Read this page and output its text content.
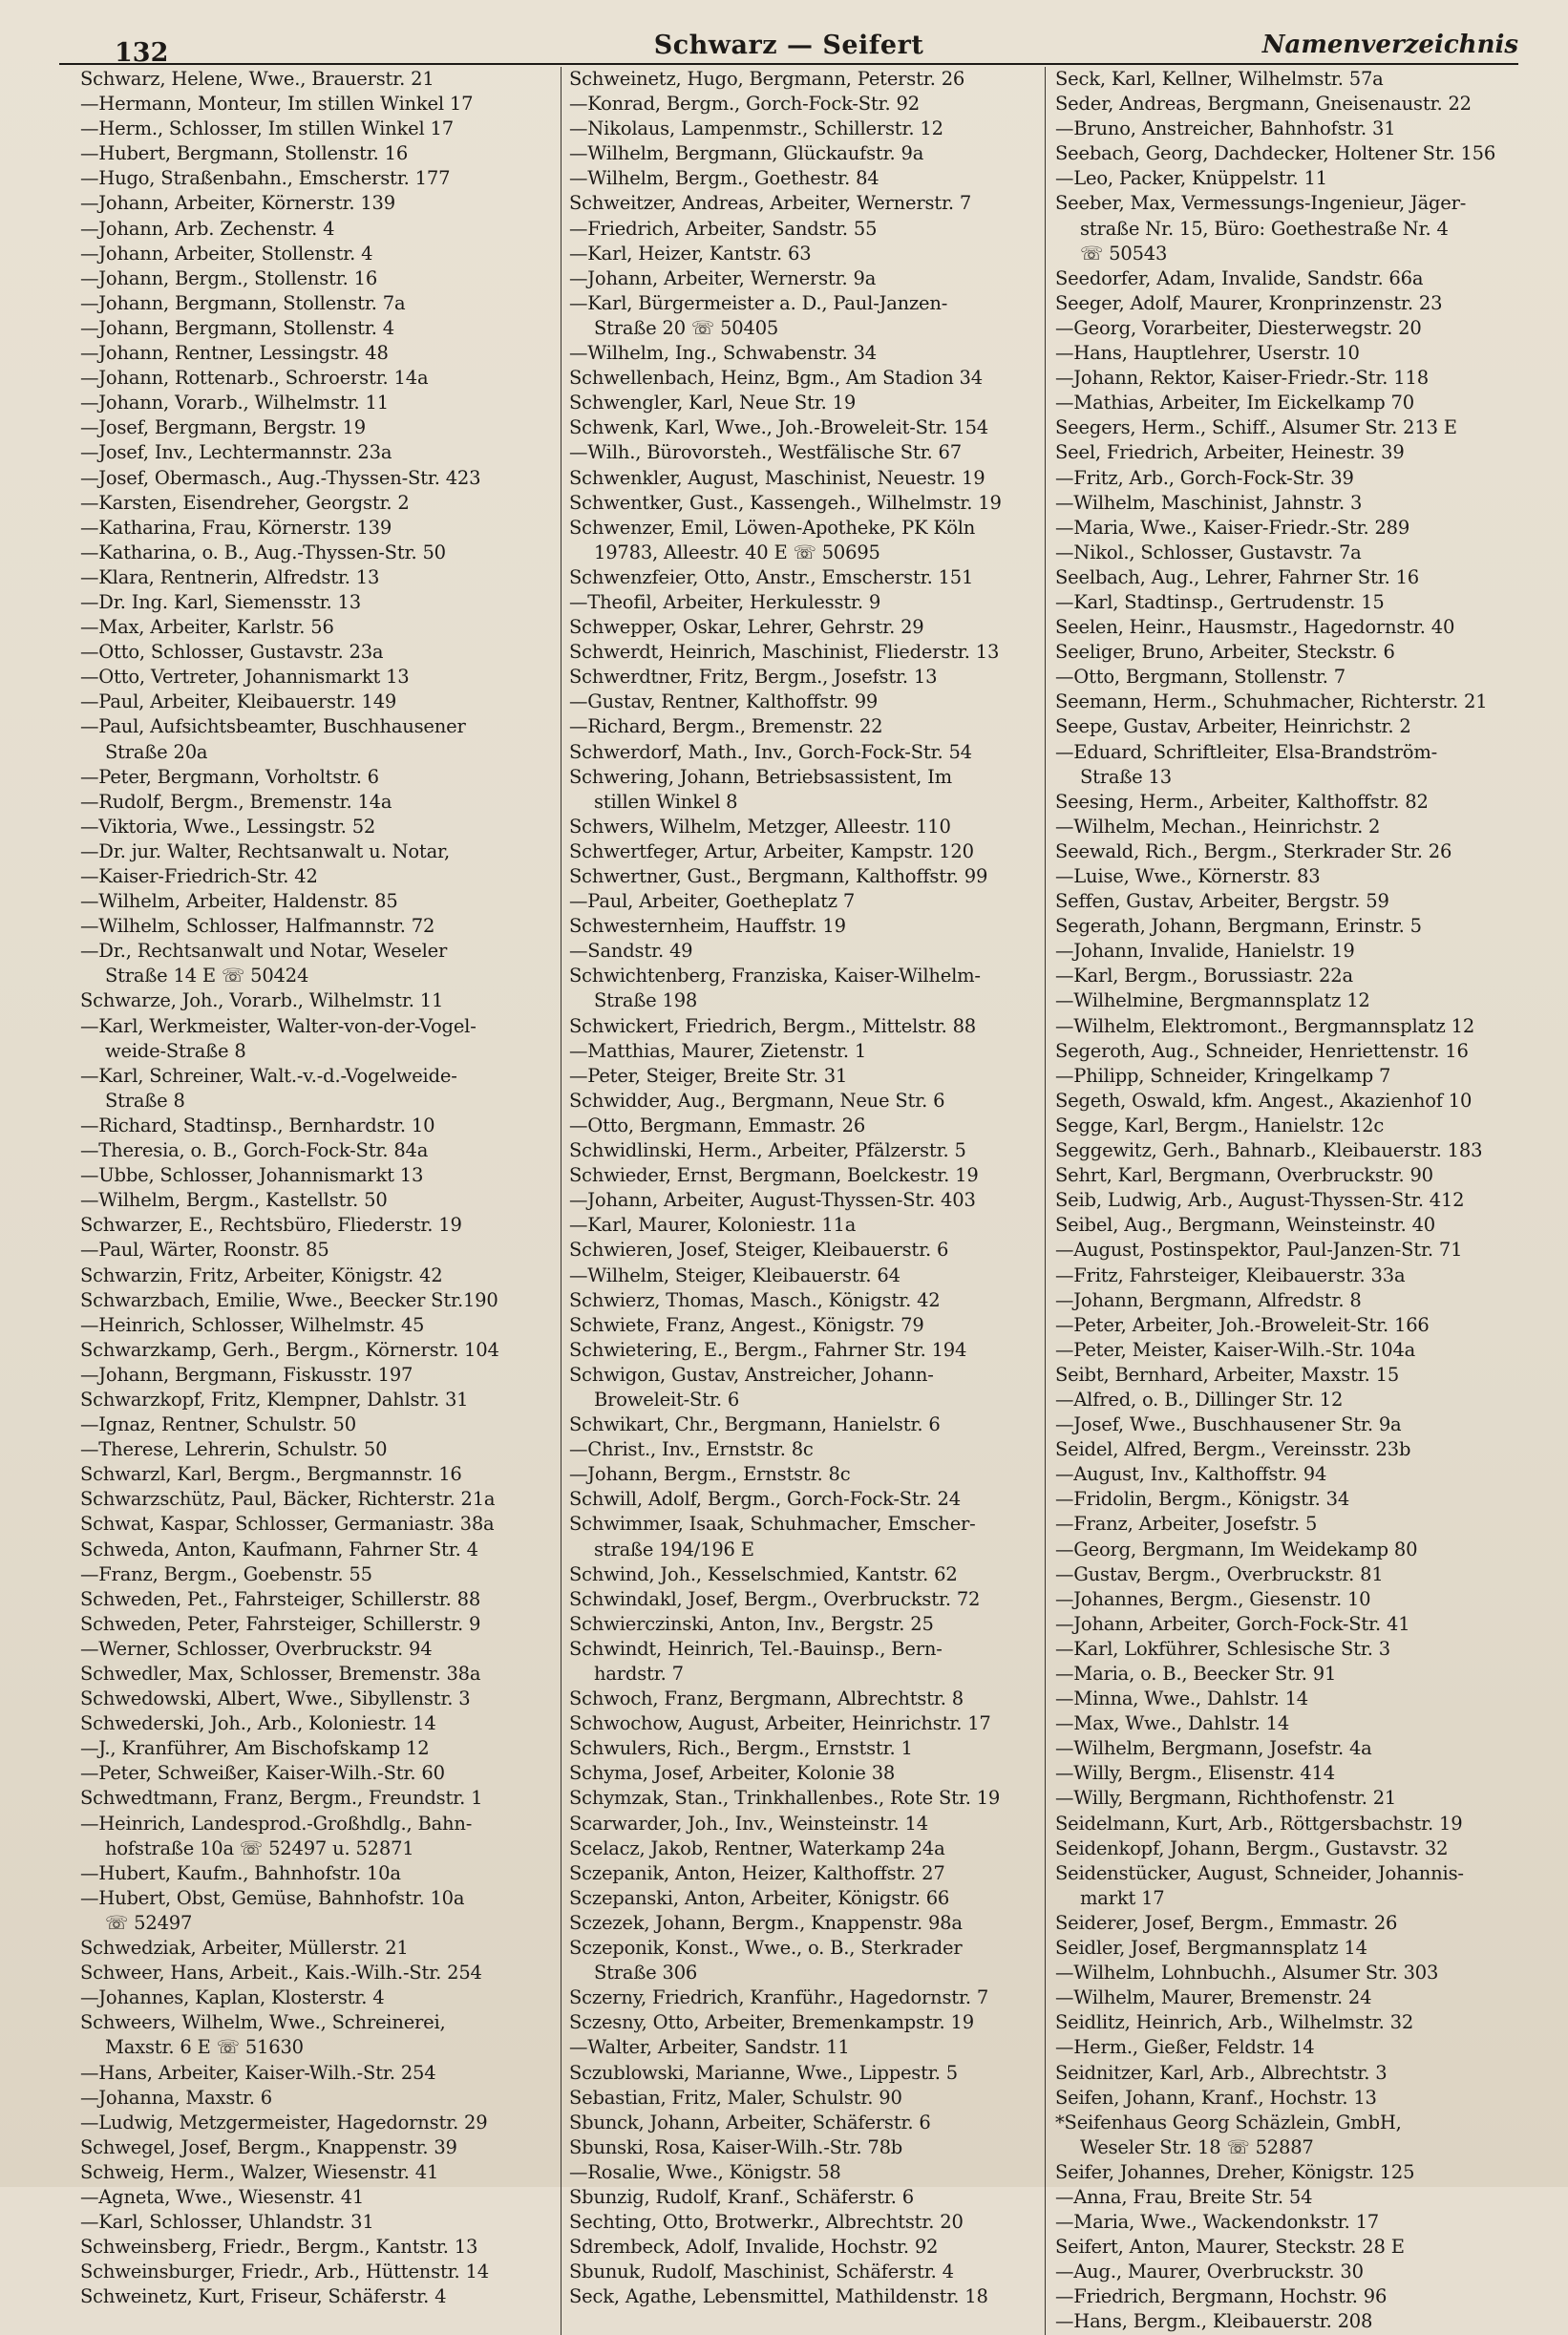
132	Schwarz — Seifert	Namenverzeichnis
Schwarz, Helene, Wwe., Brauerstr. 21
—Hermann, Monteur, Im stillen Winkel 17
—Herm., Schlosser, Im stillen Winkel 17
—Hubert, Bergmann, Stollenstr. 16
—Hugo, Straßenbahn., Emscherstr. 177
—Johann, Arbeiter, Körnerstr. 139
—Johann, Arb. Zechenstr. 4
—Johann, Arbeiter, Stollenstr. 4
—Johann, Bergm., Stollenstr. 16
—Johann, Bergmann, Stollenstr. 7a
—Johann, Bergmann, Stollenstr. 4
—Johann, Rentner, Lessingstr. 48
—Johann, Rottenarb., Schroerstr. 14a
—Johann, Vorarb., Wilhelmstr. 11
—Josef, Bergmann, Bergstr. 19
—Josef, Inv., Lechtermannstr. 23a
—Josef, Obermasch., Aug.-Thyssen-Str. 423
—Karsten, Eisendreher, Georgstr. 2
—Katharina, Frau, Körnerstr. 139
—Katharina, o. B., Aug.-Thyssen-Str. 50
—Klara, Rentnerin, Alfredstr. 13
—Dr. Ing. Karl, Siemensstr. 13
—Max, Arbeiter, Karlstr. 56
—Otto, Schlosser, Gustavstr. 23a
—Otto, Vertreter, Johannismarkt 13
—Paul, Arbeiter, Kleibauerstr. 149
—Paul, Aufsichtsbeamter, Buschhausener
Straße 20a
—Peter, Bergmann, Vorholtstr. 6
—Rudolf, Bergm., Bremenstr. 14a
—Viktoria, Wwe., Lessingstr. 52
—Dr. jur. Walter, Rechtsanwalt u. Notar,
—Kaiser-Friedrich-Str. 42
—Wilhelm, Arbeiter, Haldenstr. 85
—Wilhelm, Schlosser, Halfmannstr. 72
—Dr., Rechtsanwalt und Notar, Weseler
Straße 14 E ☏ 50424
Schwarze, Joh., Vorarb., Wilhelmstr. 11
—Karl, Werkmeister, Walter-von-der-Vogel-
weide-Straße 8
—Karl, Schreiner, Walt.-v.-d.-Vogelweide-
Straße 8
—Richard, Stadtinsp., Bernhardstr. 10
—Theresia, o. B., Gorch-Fock-Str. 84a
—Ubbe, Schlosser, Johannismarkt 13
—Wilhelm, Bergm., Kastellstr. 50
Schwarzer, E., Rechtsbüro, Fliederstr. 19
—Paul, Wärter, Roonstr. 85
Schwarzin, Fritz, Arbeiter, Königstr. 42
Schwarzbach, Emilie, Wwe., Beecker Str.190
—Heinrich, Schlosser, Wilhelmstr. 45
Schwarzkamp, Gerh., Bergm., Körnerstr. 104
—Johann, Bergmann, Fiskusstr. 197
Schwarzkopf, Fritz, Klempner, Dahlstr. 31
—Ignaz, Rentner, Schulstr. 50
—Therese, Lehrerin, Schulstr. 50
Schwarzl, Karl, Bergm., Bergmannstr. 16
Schwarzschütz, Paul, Bäcker, Richterstr. 21a
Schwat, Kaspar, Schlosser, Germaniastr. 38a
Schweda, Anton, Kaufmann, Fahrner Str. 4
—Franz, Bergm., Goebenstr. 55
Schweden, Pet., Fahrsteiger, Schillerstr. 88
Schweden, Peter, Fahrsteiger, Schillerstr. 9
—Werner, Schlosser, Overbruckstr. 94
Schwedler, Max, Schlosser, Bremenstr. 38a
Schwedowski, Albert, Wwe., Sibyllenstr. 3
Schwederski, Joh., Arb., Koloniestr. 14
—J., Kranführer, Am Bischofskamp 12
—Peter, Schweißer, Kaiser-Wilh.-Str. 60
Schwedtmann, Franz, Bergm., Freundstr. 1
—Heinrich, Landesprod.-Großhdlg., Bahn-
hofstraße 10a ☏ 52497 u. 52871
—Hubert, Kaufm., Bahnhofstr. 10a
—Hubert, Obst, Gemüse, Bahnhofstr. 10a
☏ 52497
Schwedziak, Arbeiter, Müllerstr. 21
Schweer, Hans, Arbeit., Kais.-Wilh.-Str. 254
—Johannes, Kaplan, Klosterstr. 4
Schweers, Wilhelm, Wwe., Schreinerei,
Maxstr. 6 E ☏ 51630
—Hans, Arbeiter, Kaiser-Wilh.-Str. 254
—Johanna, Maxstr. 6
—Ludwig, Metzgermeister, Hagedornstr. 29
Schwegel, Josef, Bergm., Knappenstr. 39
Schweig, Herm., Walzer, Wiesenstr. 41
—Agneta, Wwe., Wiesenstr. 41
—Karl, Schlosser, Uhlandstr. 31
Schweinsberg, Friedr., Bergm., Kantstr. 13
Schweinsburger, Friedr., Arb., Hüttenstr. 14
Schweinetz, Kurt, Friseur, Schäferstr. 4
Schweinetz, Hugo, Bergmann, Peterstr. 26
—Konrad, Bergm., Gorch-Fock-Str. 92
—Nikolaus, Lampenmstr., Schillerstr. 12
—Wilhelm, Bergmann, Glückaufstr. 9a
—Wilhelm, Bergm., Goethestr. 84
Schweitzer, Andreas, Arbeiter, Wernerstr. 7
—Friedrich, Arbeiter, Sandstr. 55
—Karl, Heizer, Kantstr. 63
—Johann, Arbeiter, Wernerstr. 9a
—Karl, Bürgermeister a. D., Paul-Janzen-
Straße 20 ☏ 50405
—Wilhelm, Ing., Schwabenstr. 34
Schwellenbach, Heinz, Bgm., Am Stadion 34
Schwengler, Karl, Neue Str. 19
Schwenk, Karl, Wwe., Joh.-Broweleit-Str. 154
—Wilh., Bürovorsteh., Westfälische Str. 67
Schwenkler, August, Maschinist, Neuestr. 19
Schwentker, Gust., Kassengeh., Wilhelmstr. 19
Schwenzer, Emil, Löwen-Apotheke, PK Köln
19783, Alleestr. 40 E ☏ 50695
Schwenzfeier, Otto, Anstr., Emscherstr. 151
—Theofil, Arbeiter, Herkulesstr. 9
Schwepper, Oskar, Lehrer, Gehrstr. 29
Schwerdt, Heinrich, Maschinist, Fliederstr. 13
Schwerdtner, Fritz, Bergm., Josefstr. 13
—Gustav, Rentner, Kalthoffstr. 99
—Richard, Bergm., Bremenstr. 22
Schwerdorf, Math., Inv., Gorch-Fock-Str. 54
Schwering, Johann, Betriebsassistent, Im
stillen Winkel 8
Schwers, Wilhelm, Metzger, Alleestr. 110
Schwertfeger, Artur, Arbeiter, Kampstr. 120
Schwertner, Gust., Bergmann, Kalthoffstr. 99
—Paul, Arbeiter, Goetheplatz 7
Schwesternheim, Hauffstr. 19
—Sandstr. 49
Schwichtenberg, Franziska, Kaiser-Wilhelm-
Straße 198
Schwickert, Friedrich, Bergm., Mittelstr. 88
—Matthias, Maurer, Zietenstr. 1
—Peter, Steiger, Breite Str. 31
Schwidder, Aug., Bergmann, Neue Str. 6
—Otto, Bergmann, Emmastr. 26
Schwidlinski, Herm., Arbeiter, Pfälzerstr. 5
Schwieder, Ernst, Bergmann, Boelckestr. 19
—Johann, Arbeiter, August-Thyssen-Str. 403
—Karl, Maurer, Koloniestr. 11a
Schwieren, Josef, Steiger, Kleibauerstr. 6
—Wilhelm, Steiger, Kleibauerstr. 64
Schwierz, Thomas, Masch., Königstr. 42
Schwiete, Franz, Angest., Königstr. 79
Schwietering, E., Bergm., Fahrner Str. 194
Schwigon, Gustav, Anstreicher, Johann-
Broweleit-Str. 6
Schwikart, Chr., Bergmann, Hanielstr. 6
—Christ., Inv., Ernststr. 8c
—Johann, Bergm., Ernststr. 8c
Schwill, Adolf, Bergm., Gorch-Fock-Str. 24
Schwimmer, Isaak, Schuhmacher, Emscher-
straße 194/196 E
Schwind, Joh., Kesselschmied, Kantstr. 62
Schwindakl, Josef, Bergm., Overbruckstr. 72
Schwierczinski, Anton, Inv., Bergstr. 25
Schwindt, Heinrich, Tel.-Bauinsp., Bern-
hardstr. 7
Schwoch, Franz, Bergmann, Albrechtstr. 8
Schwochow, August, Arbeiter, Heinrichstr. 17
Schwulers, Rich., Bergm., Ernststr. 1
Schyma, Josef, Arbeiter, Kolonie 38
Schymzak, Stan., Trinkhallenbes., Rote Str. 19
Scarwarder, Joh., Inv., Weinsteinstr. 14
Scelacz, Jakob, Rentner, Waterkamp 24a
Sczepanik, Anton, Heizer, Kalthoffstr. 27
Sczepanski, Anton, Arbeiter, Königstr. 66
Sczezek, Johann, Bergm., Knappenstr. 98a
Sczeponik, Konst., Wwe., o. B., Sterkrader
Straße 306
Sczerny, Friedrich, Kranführ., Hagedornstr. 7
Sczesny, Otto, Arbeiter, Bremenkampstr. 19
—Walter, Arbeiter, Sandstr. 11
Sczublowski, Marianne, Wwe., Lippestr. 5
Sebastian, Fritz, Maler, Schulstr. 90
Sbunck, Johann, Arbeiter, Schäferstr. 6
Sbunski, Rosa, Kaiser-Wilh.-Str. 78b
—Rosalie, Wwe., Königstr. 58
Sbunzig, Rudolf, Kranf., Schäferstr. 6
Sechting, Otto, Brotwerkr., Albrechtstr. 20
Sdrembeck, Adolf, Invalide, Hochstr. 92
Sbunuk, Rudolf, Maschinist, Schäferstr. 4
Seck, Agathe, Lebensmittel, Mathildenstr. 18
Seck, Karl, Kellner, Wilhelmstr. 57a
Seder, Andreas, Bergmann, Gneisenaustr. 22
—Bruno, Anstreicher, Bahnhofstr. 31
Seebach, Georg, Dachdecker, Holtener Str. 156
—Leo, Packer, Knüppelstr. 11
Seeber, Max, Vermessungs-Ingenieur, Jäger-
straße Nr. 15, Büro: Goethestraße Nr. 4
☏ 50543
Seedorfer, Adam, Invalide, Sandstr. 66a
Seeger, Adolf, Maurer, Kronprinzenstr. 23
—Georg, Vorarbeiter, Diesterwegstr. 20
—Hans, Hauptlehrer, Userstr. 10
—Johann, Rektor, Kaiser-Friedr.-Str. 118
—Mathias, Arbeiter, Im Eickelkamp 70
Seegers, Herm., Schiff., Alsumer Str. 213 E
Seel, Friedrich, Arbeiter, Heinestr. 39
—Fritz, Arb., Gorch-Fock-Str. 39
—Wilhelm, Maschinist, Jahnstr. 3
—Maria, Wwe., Kaiser-Friedr.-Str. 289
—Nikol., Schlosser, Gustavstr. 7a
Seelbach, Aug., Lehrer, Fahrner Str. 16
—Karl, Stadtinsp., Gertrudenstr. 15
Seelen, Heinr., Hausmstr., Hagedornstr. 40
Seeliger, Bruno, Arbeiter, Steckstr. 6
—Otto, Bergmann, Stollenstr. 7
Seemann, Herm., Schuhmacher, Richterstr. 21
Seepe, Gustav, Arbeiter, Heinrichstr. 2
—Eduard, Schriftleiter, Elsa-Brandström-
Straße 13
Seesing, Herm., Arbeiter, Kalthoffstr. 82
—Wilhelm, Mechan., Heinrichstr. 2
Seewald, Rich., Bergm., Sterkrader Str. 26
—Luise, Wwe., Körnerstr. 83
Seffen, Gustav, Arbeiter, Bergstr. 59
Segerath, Johann, Bergmann, Erinstr. 5
—Johann, Invalide, Hanielstr. 19
—Karl, Bergm., Borussiastr. 22a
—Wilhelmine, Bergmannsplatz 12
—Wilhelm, Elektromont., Bergmannsplatz 12
Segeroth, Aug., Schneider, Henriettenstr. 16
—Philipp, Schneider, Kringelkamp 7
Segeth, Oswald, kfm. Angest., Akazienhof 10
Segge, Karl, Bergm., Hanielstr. 12c
Seggewitz, Gerh., Bahnarb., Kleibauerstr. 183
Sehrt, Karl, Bergmann, Overbruckstr. 90
Seib, Ludwig, Arb., August-Thyssen-Str. 412
Seibel, Aug., Bergmann, Weinsteinstr. 40
—August, Postinspektor, Paul-Janzen-Str. 71
—Fritz, Fahrsteiger, Kleibauerstr. 33a
—Johann, Bergmann, Alfredstr. 8
—Peter, Arbeiter, Joh.-Broweleit-Str. 166
—Peter, Meister, Kaiser-Wilh.-Str. 104a
Seibt, Bernhard, Arbeiter, Maxstr. 15
—Alfred, o. B., Dillinger Str. 12
—Josef, Wwe., Buschhausener Str. 9a
Seidel, Alfred, Bergm., Vereinsstr. 23b
—August, Inv., Kalthoffstr. 94
—Fridolin, Bergm., Königstr. 34
—Franz, Arbeiter, Josefstr. 5
—Georg, Bergmann, Im Weidekamp 80
—Gustav, Bergm., Overbruckstr. 81
—Johannes, Bergm., Giesenstr. 10
—Johann, Arbeiter, Gorch-Fock-Str. 41
—Karl, Lokführer, Schlesische Str. 3
—Maria, o. B., Beecker Str. 91
—Minna, Wwe., Dahlstr. 14
—Max, Wwe., Dahlstr. 14
—Wilhelm, Bergmann, Josefstr. 4a
—Willy, Bergm., Elisenstr. 414
—Willy, Bergmann, Richthofenstr. 21
Seidelmann, Kurt, Arb., Röttgersbachstr. 19
Seidenkopf, Johann, Bergm., Gustavstr. 32
Seidenstücker, August, Schneider, Johannis-
markt 17
Seiderer, Josef, Bergm., Emmastr. 26
Seidler, Josef, Bergmannsplatz 14
—Wilhelm, Lohnbuchh., Alsumer Str. 303
—Wilhelm, Maurer, Bremenstr. 24
Seidlitz, Heinrich, Arb., Wilhelmstr. 32
—Herm., Gießer, Feldstr. 14
Seidnitzer, Karl, Arb., Albrechtstr. 3
Seifen, Johann, Kranf., Hochstr. 13
*Seifenhaus Georg Schäzlein, GmbH,
Weseler Str. 18 ☏ 52887
Seifer, Johannes, Dreher, Königstr. 125
—Anna, Frau, Breite Str. 54
—Maria, Wwe., Wackendonkstr. 17
Seifert, Anton, Maurer, Steckstr. 28 E
—Aug., Maurer, Overbruckstr. 30
—Friedrich, Bergmann, Hochstr. 96
—Hans, Bergm., Kleibauerstr. 208
